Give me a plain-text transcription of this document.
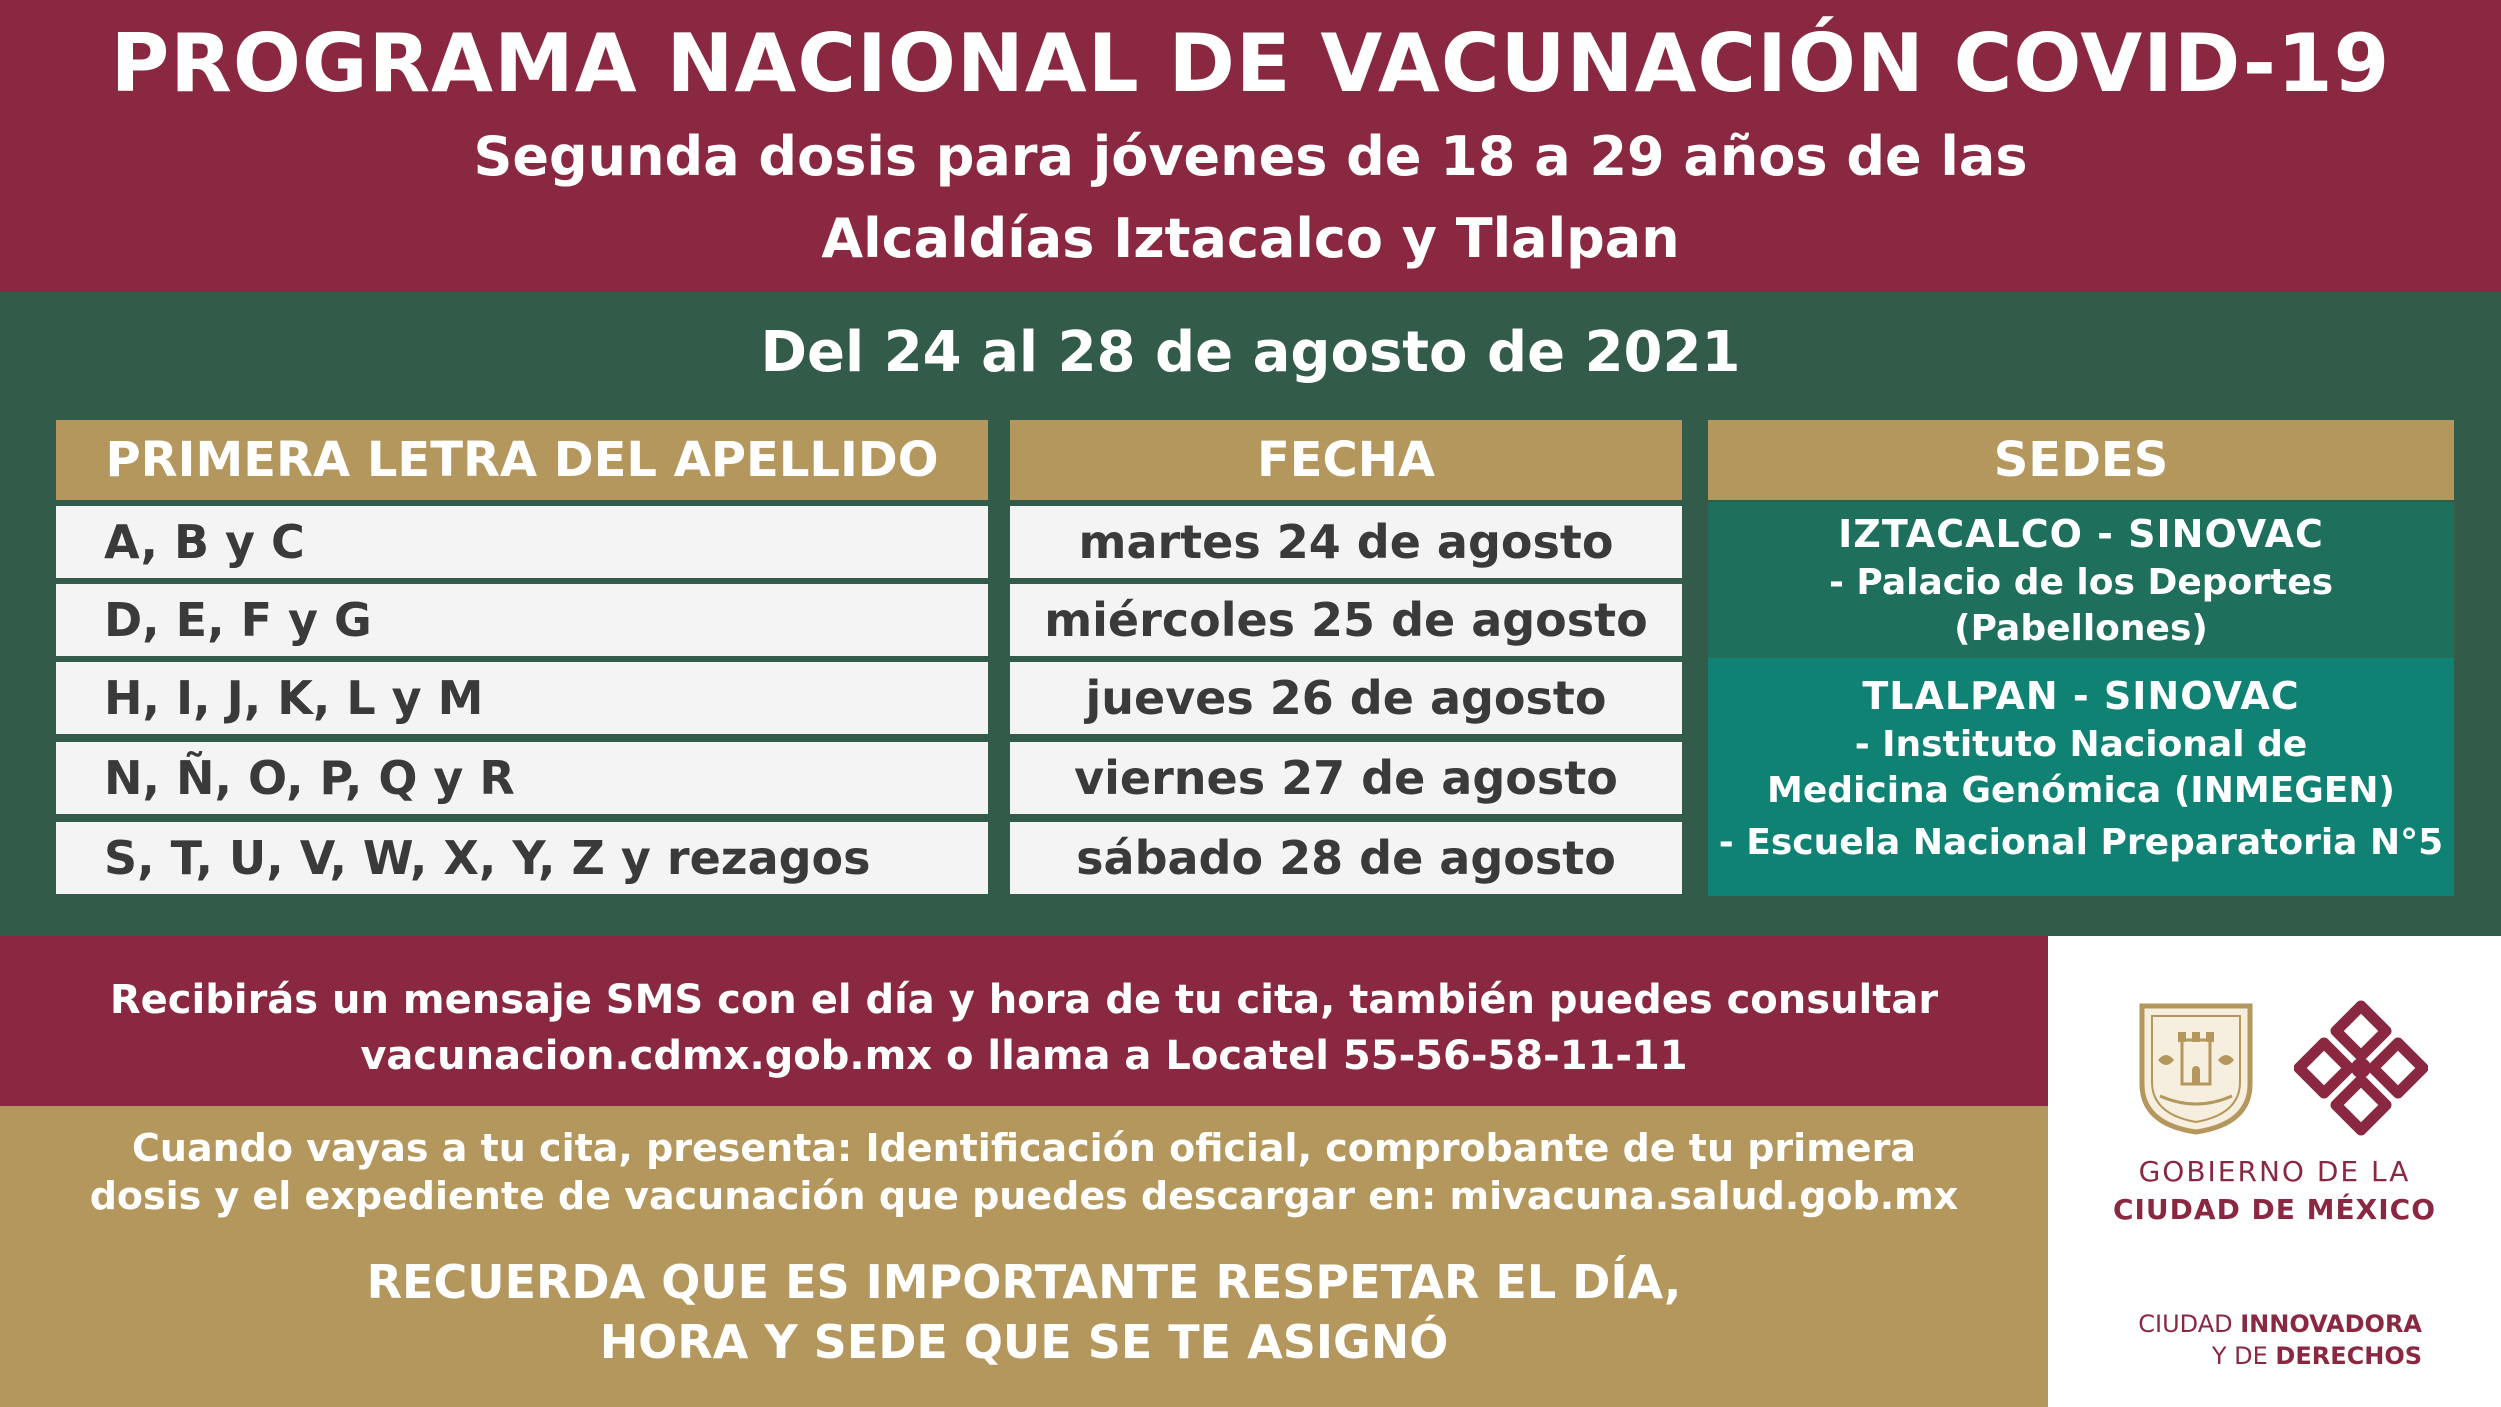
PROGRAMA NACIONAL DE VACUNACIÓN COVID-19
Segunda dosis para jóvenes de 18 a 29 años de las
Alcaldías Iztacalco y Tlalpan
Del 24 al 28 de agosto de 2021
PRIMERA LETRA DEL APELLIDO	FECHA	SEDES
A, B y C
D, E, F y G
H, I, J, K, L y M
N, Ñ, O, P, Q y R
S, T, U, V, W, X, Y, Z y rezagos
martes 24 de agosto
miércoles 25 de agosto
jueves 26 de agosto
viernes 27 de agosto
sábado 28 de agosto
IZTACALCO - SINOVAC
- Palacio de los Deportes
(Pabellones)
TLALPAN - SINOVAC
- Instituto Nacional de
Medicina Genómica (INMEGEN)
- Escuela Nacional Preparatoria N°5
Recibirás un mensaje SMS con el día y hora de tu cita, también puedes consultar
vacunacion.cdmx.gob.mx o llama a Locatel 55-56-58-11-11
Cuando vayas a tu cita, presenta: Identificación oficial, comprobante de tu primera
dosis y el expediente de vacunación que puedes descargar en: mivacuna.salud.gob.mx
RECUERDA QUE ES IMPORTANTE RESPETAR EL DÍA,
HORA Y SEDE QUE SE TE ASIGNÓ
GOBIERNO DE LA
CIUDAD DE MÉXICO
CIUDAD INNOVADORA
Y DE DERECHOS
